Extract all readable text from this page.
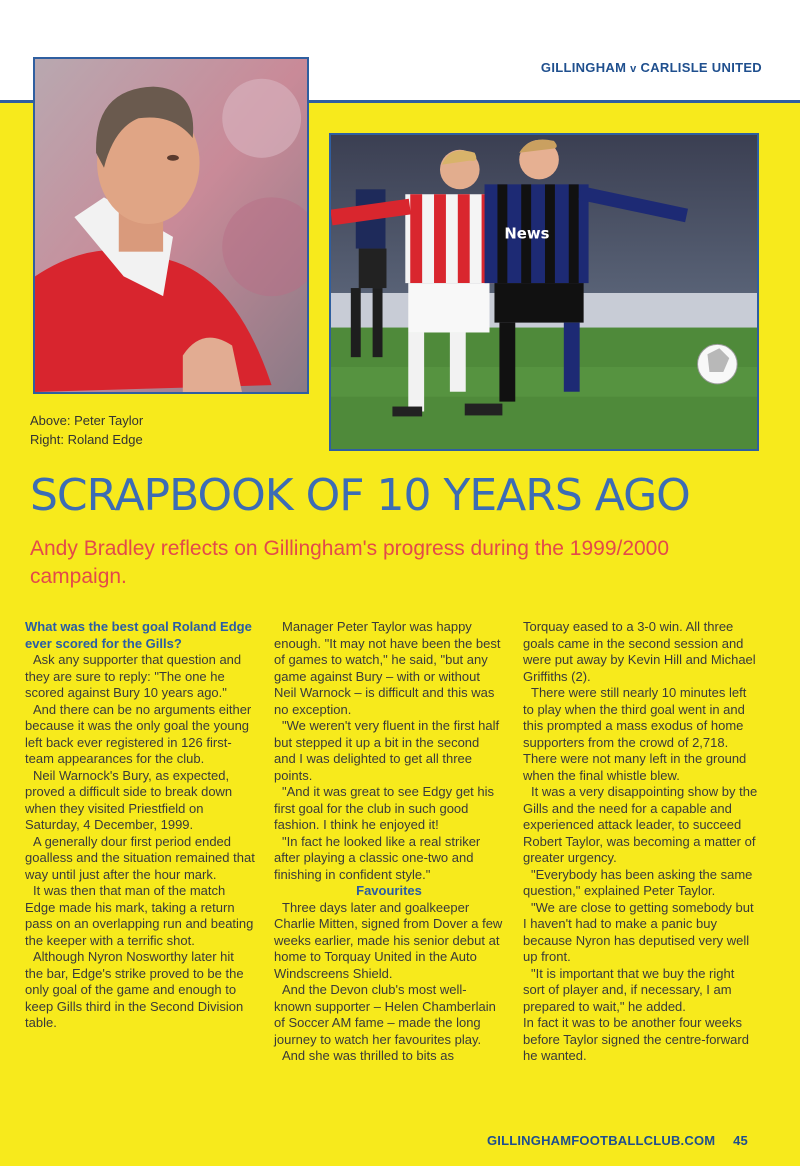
GILLINGHAM v CARLISLE UNITED
News
Above: Peter Taylor
Right: Roland Edge
SCRAPBOOK OF 10 YEARS AGO
Andy Bradley reflects on Gillingham's progress during the 1999/2000 campaign.

What was the best goal Roland Edge ever scored for the Gills?

Ask any supporter that question and they are sure to reply: "The one he scored against Bury 10 years ago."

And there can be no arguments either because it was the only goal the young left back ever registered in 126 first-team appearances for the club.

Neil Warnock's Bury, as expected, proved a difficult side to break down when they visited Priestfield on Saturday, 4 December, 1999.

A generally dour first period ended goalless and the situation remained that way until just after the hour mark.

It was then that man of the match Edge made his mark, taking a return pass on an overlapping run and beating the keeper with a terrific shot.

Although Nyron Nosworthy later hit the bar, Edge's strike proved to be the only goal of the game and enough to keep Gills third in the Second Division table.

Manager Peter Taylor was happy enough. "It may not have been the best of games to watch," he said, "but any game against Bury – with or without Neil Warnock – is difficult and this was no exception.

"We weren't very fluent in the first half but stepped it up a bit in the second and I was delighted to get all three points.

"And it was great to see Edgy get his first goal for the club in such good fashion. I think he enjoyed it!

"In fact he looked like a real striker after playing a classic one-two and finishing in confident style."

Favourites

Three days later and goalkeeper Charlie Mitten, signed from Dover a few weeks earlier, made his senior debut at home to Torquay United in the Auto Windscreens Shield.

And the Devon club's most well-known supporter – Helen Chamberlain of Soccer AM fame – made the long journey to watch her favourites play.

And she was thrilled to bits as

Torquay eased to a 3-0 win. All three goals came in the second session and were put away by Kevin Hill and Michael Griffiths (2).

There were still nearly 10 minutes left to play when the third goal went in and this prompted a mass exodus of home supporters from the crowd of 2,718. There were not many left in the ground when the final whistle blew.

It was a very disappointing show by the Gills and the need for a capable and experienced attack leader, to succeed Robert Taylor, was becoming a matter of greater urgency.

"Everybody has been asking the same question," explained Peter Taylor.

"We are close to getting somebody but I haven't had to make a panic buy because Nyron has deputised very well up front.

"It is important that we buy the right sort of player and, if necessary, I am prepared to wait," he added.

In fact it was to be another four weeks before Taylor signed the centre-forward he wanted.

GILLINGHAMFOOTBALLCLUB.COM 45
